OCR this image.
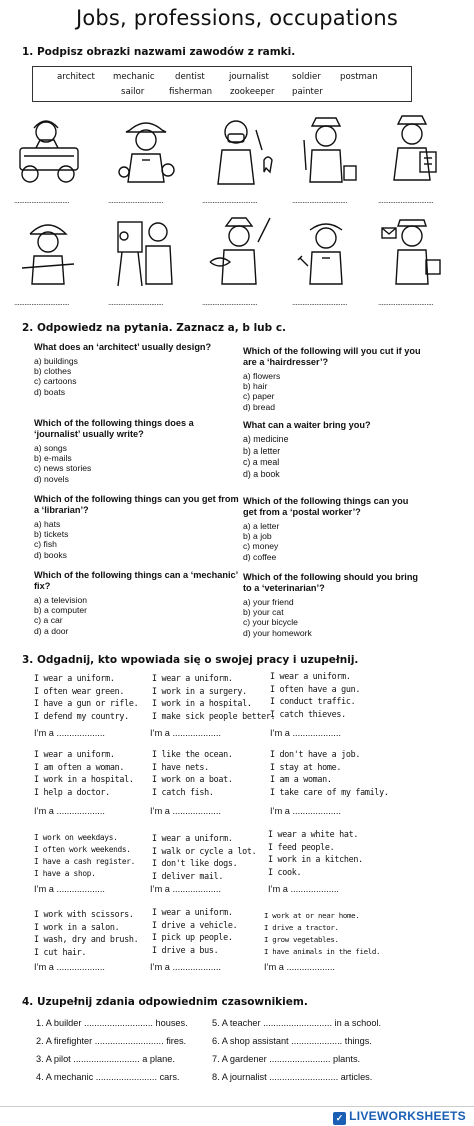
Jobs, professions, occupations
1. Podpisz obrazki nazwami zawodów z ramki.
architect mechanic dentist	journalist	soldier postman
sailor	fisherman zookeeper painter
................................	................................	................................	................................	................................
................................	................................	................................	................................	................................
2. Odpowiedz na pytania. Zaznacz a, b lub c.
What does an ‘architect’ usually design?
a) buildings
b) clothes
c) cartoons
d) boats
Which of the following things does a ‘journalist’ usually write?
a) songs
b) e-mails
c) news stories
d) novels
Which of the following things can you get from a ‘librarian’?
a) hats
b) tickets
c) fish
d) books
Which of the following things can a ‘mechanic’ fix?
a) a television
b) a computer
c) a car
d) a door
Which of the following will you cut if you are a ‘hairdresser’?
a) flowers
b) hair
c) paper
d) bread
What can a waiter bring you?
a) medicine
b) a letter
c) a meal
d) a book
Which of the following things can you get from a ‘postal worker’?
a) a letter
b) a job
c) money
d) coffee
Which of the following should you bring to a ‘veterinarian’?
a) your friend
b) your cat
c) your bicycle
d) your homework
3. Odgadnij, kto wpowiada się o swojej pracy i uzupełnij.
I wear a uniform.
I often wear green.
I have a gun or rifle.
I defend my country.
I wear a uniform.
I work in a surgery.
I work in a hospital.
I make sick people better.
I wear a uniform.
I often have a gun.
I conduct traffic.
I catch thieves.
I’m a ...................	I’m a ...................	I’m a ...................
I wear a uniform.
I am often a woman.
I work in a hospital.
I help a doctor.
I like the ocean.
I have nets.
I work on a boat.
I catch fish.
I don't have a job.
I stay at home.
I am a woman.
I take care of my family.
I’m a ...................	I’m a ...................	I’m a ...................
I work on weekdays.
I often work weekends.
I have a cash register.
I have a shop.
I wear a uniform.
I walk or cycle a lot.
I don't like dogs.
I deliver mail.
I wear a white hat.
I feed people.
I work in a kitchen.
I cook.
I’m a ...................	I’m a ...................	I’m a ...................
I work with scissors.
I work in a salon.
I wash, dry and brush.
I cut hair.
I wear a uniform.
I drive a vehicle.
I pick up people.
I drive a bus.
I work at or near home.
I drive a tractor.
I grow vegetables.
I have animals in the field.
I’m a ...................	I’m a ...................	I’m a ...................
4. Uzupełnij zdania odpowiednim czasownikiem.
1. A builder ........................... houses.
2. A firefighter ........................... fires.
3. A pilot .......................... a plane.
4. A mechanic ........................ cars.
5. A teacher ........................... in a school.
6. A shop assistant .................... things.
7. A gardener ........................ plants.
8. A journalist ........................... articles.
✓ LIVEWORKSHEETS
